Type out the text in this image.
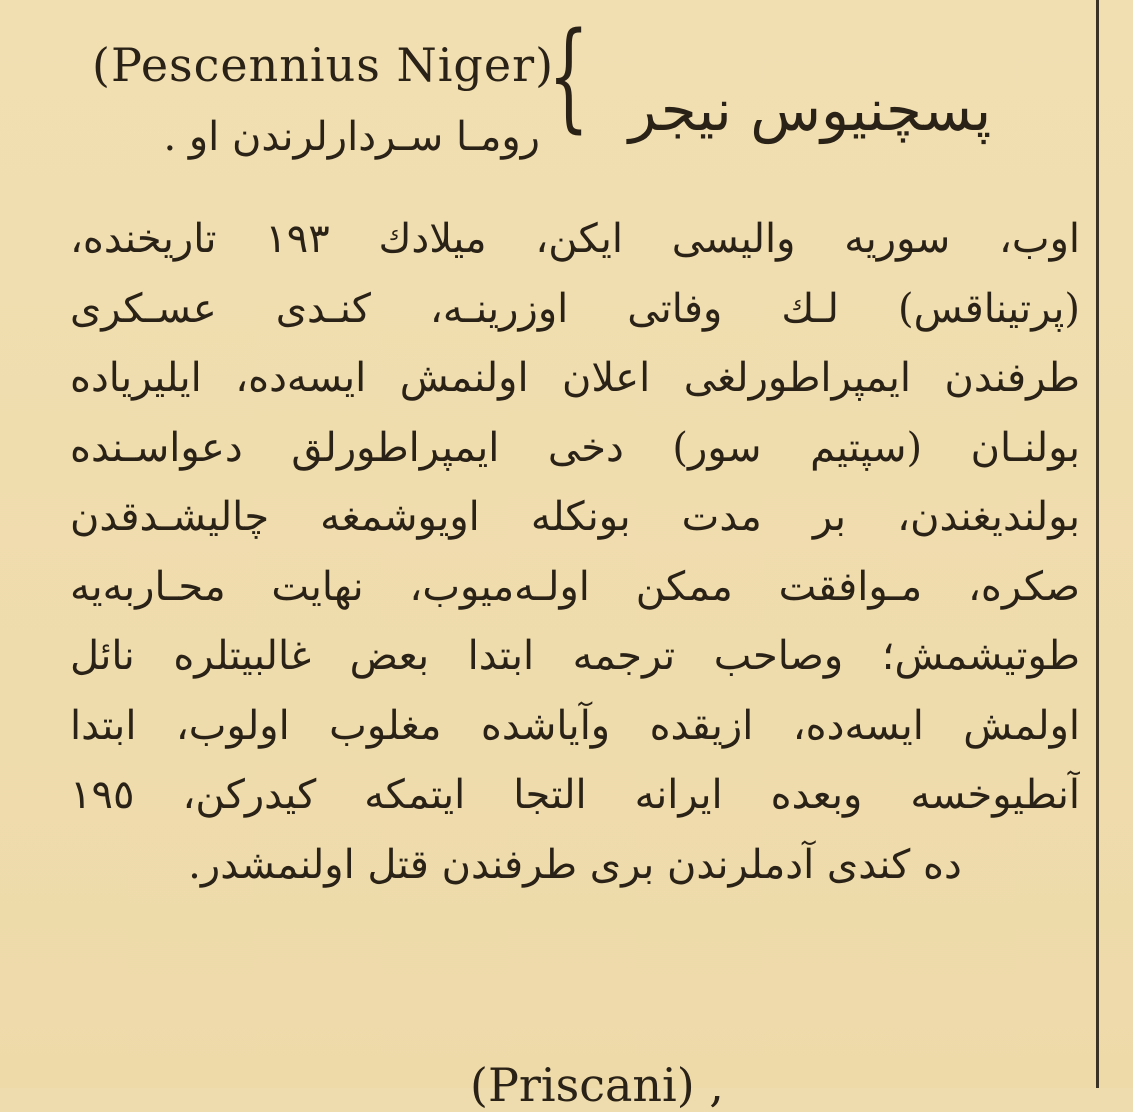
(Pescennius Niger)
{
رومـا سـردارلرندن او .	پسچنیوس نیجر
اوب، سوریه والیسی ایکن، میلادك ١٩٣ تاریخنده،
(پرتیناقس) لـك وفاتی اوزرینـه، كنـدی عسـكری
طرفندن ایمپراطورلغی اعلان اولنمش ایسه‌ده، ایلیریاده
بولنـان (سپتیم سور) دخی ایمپراطورلق دعواسـنده
بولندیغندن، بر مدت بونكله اویوشمغه چالیشـدقدن
صكره، مـوافقت ممكن اولـه‌میوب، نهایت محـاربه‌یه
طوتیشمش؛ وصاحب ترجمه ابتدا بعض غالبیتلره نائل
اولمش ایسه‌ده، ازیقده وآیاشده مغلوب اولوب، ابتدا
آنطیوخسه وبعده ایرانه التجا ایتمكه كیدركن، ١٩٥
ده كندی آدملرندن بری طرفندن قتل اولنمشدر.
(Priscani) ,
